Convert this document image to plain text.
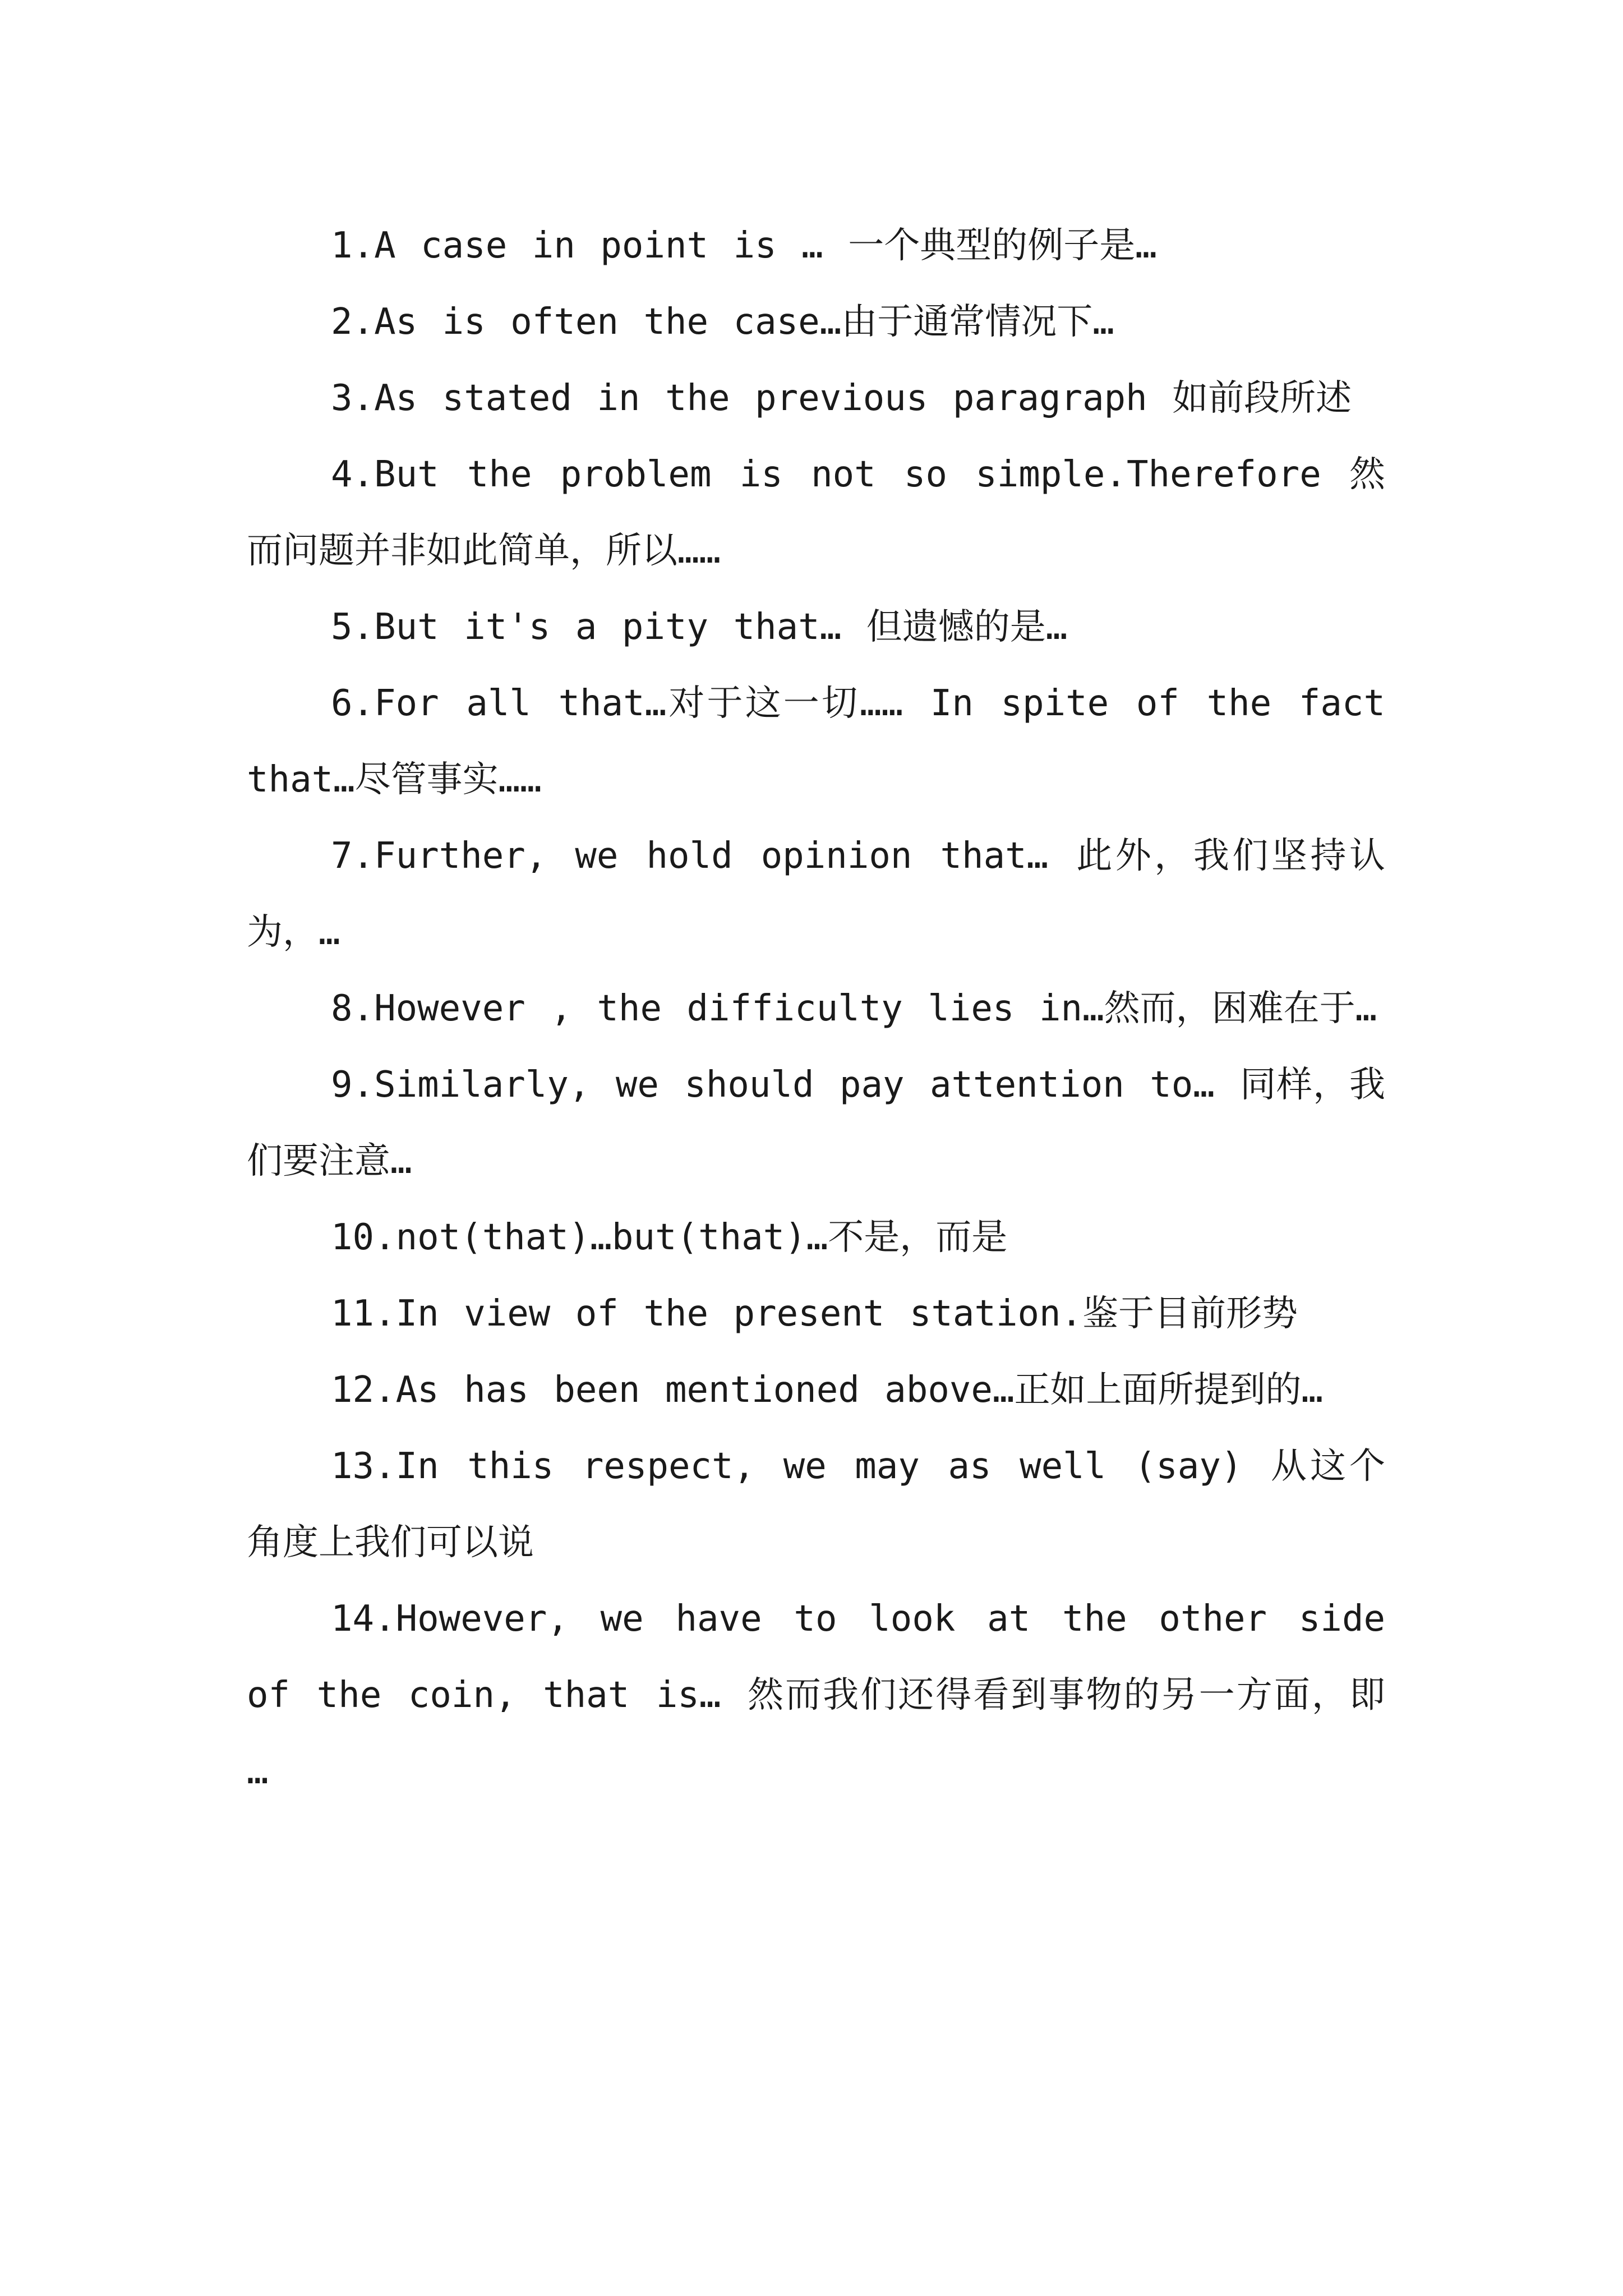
1.A case in point is … 一个典型的例子是…

2.As is often the case…由于通常情况下…

3.As stated in the previous paragraph 如前段所述

4.But the problem is not so simple.Therefore 然而问题并非如此简单，所以……

5.But it's a pity that… 但遗憾的是…

6.For all that…对于这一切…… In spite of the fact that…尽管事实……

7.Further, we hold opinion that… 此外，我们坚持认为，…

8.However , the difficulty lies in…然而，困难在于…

9.Similarly, we should pay attention to… 同样，我们要注意…

10.not(that)…but(that)…不是，而是

11.In view of the present station.鉴于目前形势

12.As has been mentioned above…正如上面所提到的…

13.In this respect, we may as well (say) 从这个角度上我们可以说

14.However, we have to look at the other side of the coin, that is… 然而我们还得看到事物的另一方面，即 …
